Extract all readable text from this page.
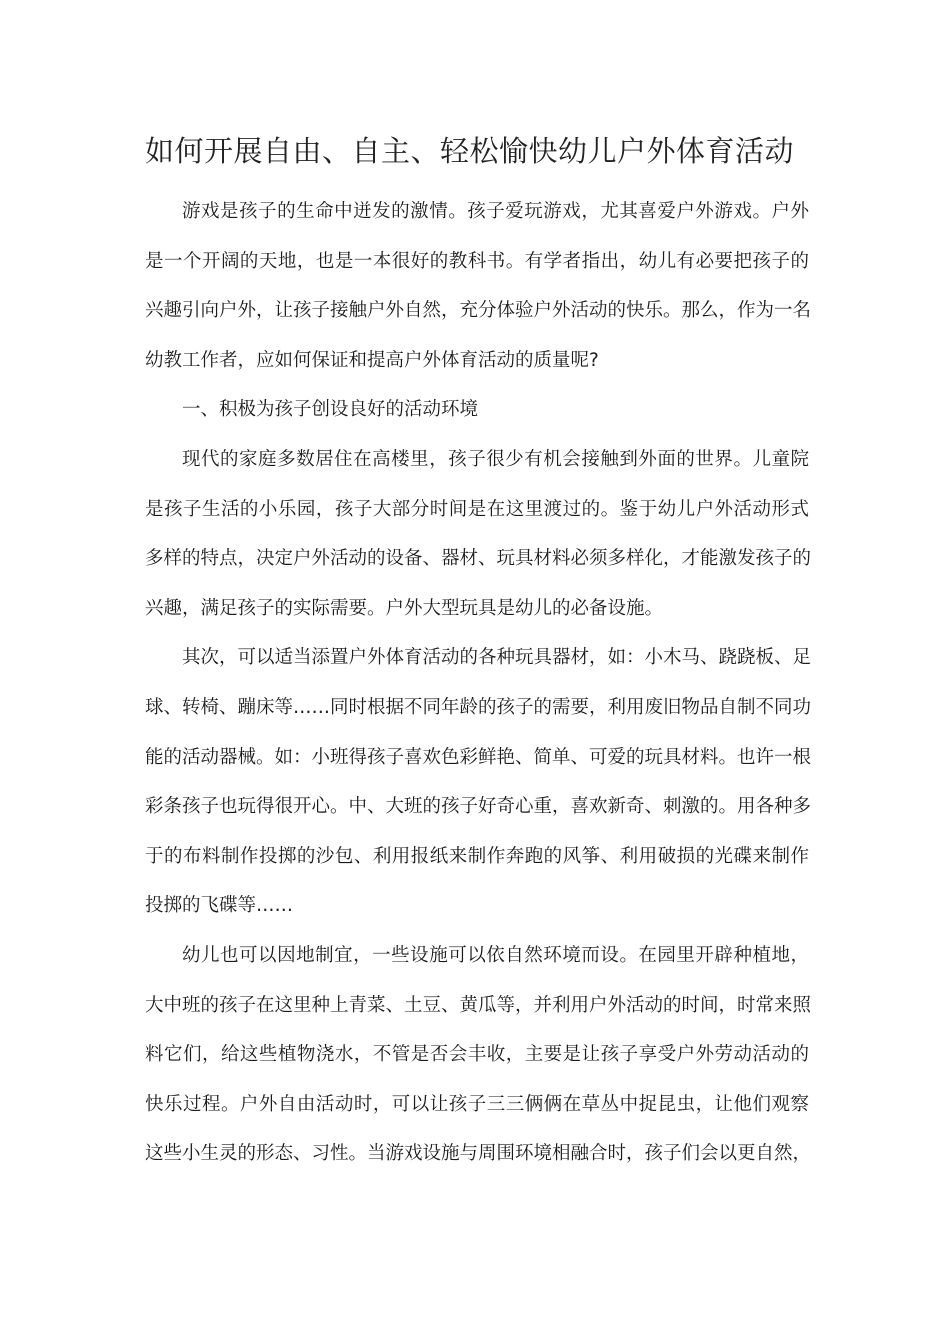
如何开展自由、自主、轻松愉快幼儿户外体育活动
游戏是孩子的生命中迸发的激情。孩子爱玩游戏，尤其喜爱户外游戏。户外
是一个开阔的天地，也是一本很好的教科书。有学者指出，幼儿有必要把孩子的
兴趣引向户外，让孩子接触户外自然，充分体验户外活动的快乐。那么，作为一名
幼教工作者，应如何保证和提高户外体育活动的质量呢?
一、积极为孩子创设良好的活动环境
现代的家庭多数居住在高楼里，孩子很少有机会接触到外面的世界。儿童院
是孩子生活的小乐园，孩子大部分时间是在这里渡过的。鉴于幼儿户外活动形式
多样的特点，决定户外活动的设备、器材、玩具材料必须多样化，才能激发孩子的
兴趣，满足孩子的实际需要。户外大型玩具是幼儿的必备设施。
其次，可以适当添置户外体育活动的各种玩具器材，如：小木马、跷跷板、足
球、转椅、蹦床等……同时根据不同年龄的孩子的需要，利用废旧物品自制不同功
能的活动器械。如：小班得孩子喜欢色彩鲜艳、简单、可爱的玩具材料。也许一根
彩条孩子也玩得很开心。中、大班的孩子好奇心重，喜欢新奇、刺激的。用各种多
于的布料制作投掷的沙包、利用报纸来制作奔跑的风筝、利用破损的光碟来制作
投掷的飞碟等……
幼儿也可以因地制宜，一些设施可以依自然环境而设。在园里开辟种植地，
大中班的孩子在这里种上青菜、土豆、黄瓜等，并利用户外活动的时间，时常来照
料它们，给这些植物浇水，不管是否会丰收，主要是让孩子享受户外劳动活动的
快乐过程。户外自由活动时，可以让孩子三三俩俩在草丛中捉昆虫，让他们观察
这些小生灵的形态、习性。当游戏设施与周围环境相融合时，孩子们会以更自然，
